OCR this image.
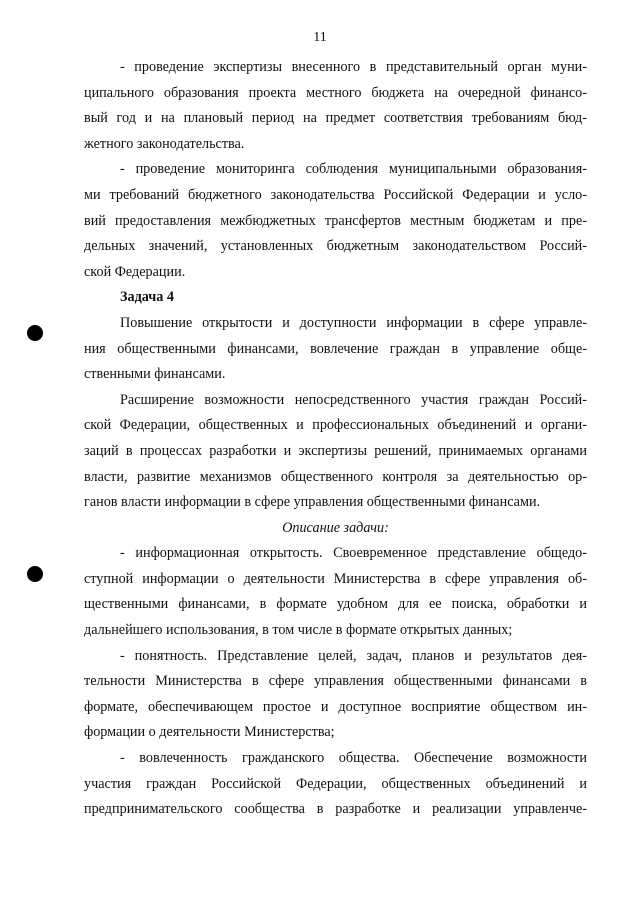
11
- проведение экспертизы внесенного в представительный орган муни-
ципального образования проекта местного бюджета на очередной финансо-
вый год и на плановый период на предмет соответствия требованиям бюд-
жетного законодательства.
- проведение мониторинга соблюдения муниципальными образования-
ми требований бюджетного законодательства Российской Федерации и усло-
вий предоставления межбюджетных трансфертов местным бюджетам и пре-
дельных значений, установленных бюджетным законодательством Россий-
ской Федерации.
Задача 4
Повышение открытости и доступности информации в сфере управле-
ния общественными финансами, вовлечение граждан в управление обще-
ственными финансами.
Расширение возможности непосредственного участия граждан Россий-
ской Федерации, общественных и профессиональных объединений и органи-
заций в процессах разработки и экспертизы решений, принимаемых органами
власти, развитие механизмов общественного контроля за деятельностью ор-
ганов власти информации в сфере управления общественными финансами.
Описание задачи:
- информационная открытость. Своевременное представление общедо-
ступной информации о деятельности Министерства в сфере управления об-
щественными финансами, в формате удобном для ее поиска, обработки и
дальнейшего использования, в том числе в формате открытых данных;
- понятность. Представление целей, задач, планов и результатов дея-
тельности Министерства в сфере управления общественными финансами в
формате, обеспечивающем простое и доступное восприятие обществом ин-
формации о деятельности Министерства;
- вовлеченность гражданского общества. Обеспечение возможности
участия граждан Российской Федерации, общественных объединений и
предпринимательского сообщества в разработке и реализации управленче-
